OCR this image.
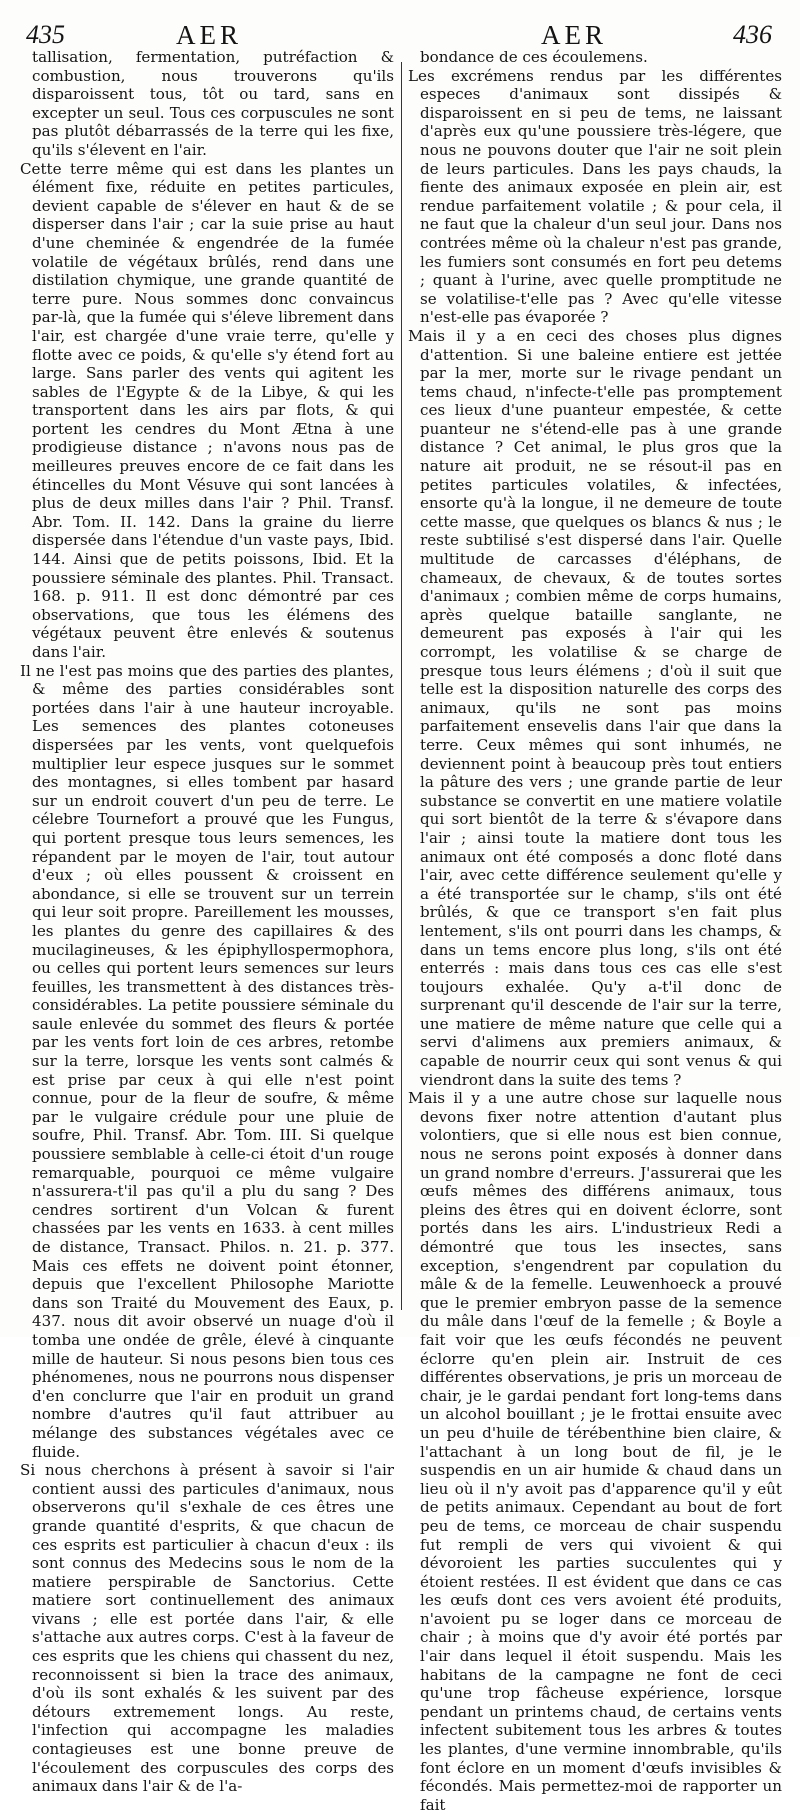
435	AER	AER	436

tallisation, fermentation, putréfaction & combustion, nous trouverons qu'ils disparoissent tous, tôt ou tard, sans en excepter un seul. Tous ces corpuscules ne sont pas plutôt débarrassés de la terre qui les fixe, qu'ils s'élevent en l'air.

Cette terre même qui est dans les plantes un élément fixe, réduite en petites particules, devient capable de s'élever en haut & de se disperser dans l'air ; car la suie prise au haut d'une cheminée & engendrée de la fumée volatile de végétaux brûlés, rend dans une distilation chymique, une grande quantité de terre pure. Nous sommes donc convaincus par-là, que la fumée qui s'éleve librement dans l'air, est chargée d'une vraie terre, qu'elle y flotte avec ce poids, & qu'elle s'y étend fort au large. Sans parler des vents qui agitent les sables de l'Egypte & de la Libye, & qui les transportent dans les airs par flots, & qui portent les cendres du Mont Ætna à une prodigieuse distance ; n'avons nous pas de meilleures preuves encore de ce fait dans les étincelles du Mont Vésuve qui sont lancées à plus de deux milles dans l'air ? Phil. Transf. Abr. Tom. II. 142. Dans la graine du lierre dispersée dans l'étendue d'un vaste pays, Ibid. 144. Ainsi que de petits poissons, Ibid. Et la poussiere séminale des plantes. Phil. Transact. 168. p. 911. Il est donc démontré par ces observations, que tous les élémens des végétaux peuvent être enlevés & soutenus dans l'air.

Il ne l'est pas moins que des parties des plantes, & même des parties considérables sont portées dans l'air à une hauteur incroyable. Les semences des plantes cotoneuses dispersées par les vents, vont quelquefois multiplier leur espece jusques sur le sommet des montagnes, si elles tombent par hasard sur un endroit couvert d'un peu de terre. Le célebre Tournefort a prouvé que les Fungus, qui portent presque tous leurs semences, les répandent par le moyen de l'air, tout autour d'eux ; où elles poussent & croissent en abondance, si elle se trouvent sur un terrein qui leur soit propre. Pareillement les mousses, les plantes du genre des capillaires & des mucilagineuses, & les épiphyllospermophora, ou celles qui portent leurs semences sur leurs feuilles, les transmettent à des distances très-considérables. La petite poussiere séminale du saule enlevée du sommet des fleurs & portée par les vents fort loin de ces arbres, retombe sur la terre, lorsque les vents sont calmés & est prise par ceux à qui elle n'est point connue, pour de la fleur de soufre, & même par le vulgaire crédule pour une pluie de soufre, Phil. Transf. Abr. Tom. III. Si quelque poussiere semblable à celle-ci étoit d'un rouge remarquable, pourquoi ce même vulgaire n'assurera-t'il pas qu'il a plu du sang ? Des cendres sortirent d'un Volcan & furent chassées par les vents en 1633. à cent milles de distance, Transact. Philos. n. 21. p. 377. Mais ces effets ne doivent point étonner, depuis que l'excellent Philosophe Mariotte dans son Traité du Mouvement des Eaux, p. 437. nous dit avoir observé un nuage d'où il tomba une ondée de grêle, élevé à cinquante mille de hauteur. Si nous pesons bien tous ces phénomenes, nous ne pourrons nous dispenser d'en conclurre que l'air en produit un grand nombre d'autres qu'il faut attribuer au mélange des substances végétales avec ce fluide.

Si nous cherchons à présent à savoir si l'air contient aussi des particules d'animaux, nous observerons qu'il s'exhale de ces êtres une grande quantité d'esprits, & que chacun de ces esprits est particulier à chacun d'eux : ils sont connus des Medecins sous le nom de la matiere perspirable de Sanctorius. Cette matiere sort continuellement des animaux vivans ; elle est portée dans l'air, & elle s'attache aux autres corps. C'est à la faveur de ces esprits que les chiens qui chassent du nez, reconnoissent si bien la trace des animaux, d'où ils sont exhalés & les suivent par des détours extremement longs. Au reste, l'infection qui accompagne les maladies contagieuses est une bonne preuve de l'écoulement des corpuscules des corps des animaux dans l'air & de l'a-

bondance de ces écoulemens.

Les excrémens rendus par les différentes especes d'animaux sont dissipés & disparoissent en si peu de tems, ne laissant d'après eux qu'une poussiere très-légere, que nous ne pouvons douter que l'air ne soit plein de leurs particules. Dans les pays chauds, la fiente des animaux exposée en plein air, est rendue parfaitement volatile ; & pour cela, il ne faut que la chaleur d'un seul jour. Dans nos contrées même où la chaleur n'est pas grande, les fumiers sont consumés en fort peu detems ; quant à l'urine, avec quelle promptitude ne se volatilise-t'elle pas ? Avec qu'elle vitesse n'est-elle pas évaporée ?

Mais il y a en ceci des choses plus dignes d'attention. Si une baleine entiere est jettée par la mer, morte sur le rivage pendant un tems chaud, n'infecte-t'elle pas promptement ces lieux d'une puanteur empestée, & cette puanteur ne s'étend-elle pas à une grande distance ? Cet animal, le plus gros que la nature ait produit, ne se résout-il pas en petites particules volatiles, & infectées, ensorte qu'à la longue, il ne demeure de toute cette masse, que quelques os blancs & nus ; le reste subtilisé s'est dispersé dans l'air. Quelle multitude de carcasses d'éléphans, de chameaux, de chevaux, & de toutes sortes d'animaux ; combien même de corps humains, après quelque bataille sanglante, ne demeurent pas exposés à l'air qui les corrompt, les volatilise & se charge de presque tous leurs élémens ; d'où il suit que telle est la disposition naturelle des corps des animaux, qu'ils ne sont pas moins parfaitement ensevelis dans l'air que dans la terre. Ceux mêmes qui sont inhumés, ne deviennent point à beaucoup près tout entiers la pâture des vers ; une grande partie de leur substance se convertit en une matiere volatile qui sort bientôt de la terre & s'évapore dans l'air ; ainsi toute la matiere dont tous les animaux ont été composés a donc floté dans l'air, avec cette différence seulement qu'elle y a été transportée sur le champ, s'ils ont été brûlés, & que ce transport s'en fait plus lentement, s'ils ont pourri dans les champs, & dans un tems encore plus long, s'ils ont été enterrés : mais dans tous ces cas elle s'est toujours exhalée. Qu'y a-t'il donc de surprenant qu'il descende de l'air sur la terre, une matiere de même nature que celle qui a servi d'alimens aux premiers animaux, & capable de nourrir ceux qui sont venus & qui viendront dans la suite des tems ?

Mais il y a une autre chose sur laquelle nous devons fixer notre attention d'autant plus volontiers, que si elle nous est bien connue, nous ne serons point exposés à donner dans un grand nombre d'erreurs. J'assurerai que les œufs mêmes des différens animaux, tous pleins des êtres qui en doivent éclorre, sont portés dans les airs. L'industrieux Redi a démontré que tous les insectes, sans exception, s'engendrent par copulation du mâle & de la femelle. Leuwenhoeck a prouvé que le premier embryon passe de la semence du mâle dans l'œuf de la femelle ; & Boyle a fait voir que les œufs fécondés ne peuvent éclorre qu'en plein air. Instruit de ces différentes observations, je pris un morceau de chair, je le gardai pendant fort long-tems dans un alcohol bouillant ; je le frottai ensuite avec un peu d'huile de térébenthine bien claire, & l'attachant à un long bout de fil, je le suspendis en un air humide & chaud dans un lieu où il n'y avoit pas d'apparence qu'il y eût de petits animaux. Cependant au bout de fort peu de tems, ce morceau de chair suspendu fut rempli de vers qui vivoient & qui dévoroient les parties succulentes qui y étoient restées. Il est évident que dans ce cas les œufs dont ces vers avoient été produits, n'avoient pu se loger dans ce morceau de chair ; à moins que d'y avoir été portés par l'air dans lequel il étoit suspendu. Mais les habitans de la campagne ne font de ceci qu'une trop fâcheuse expérience, lorsque pendant un printems chaud, de certains vents infectent subitement tous les arbres & toutes les plantes, d'une vermine innombrable, qu'ils font éclore en un moment d'œufs invisibles & fécondés. Mais permettez-moi de rapporter un fait
